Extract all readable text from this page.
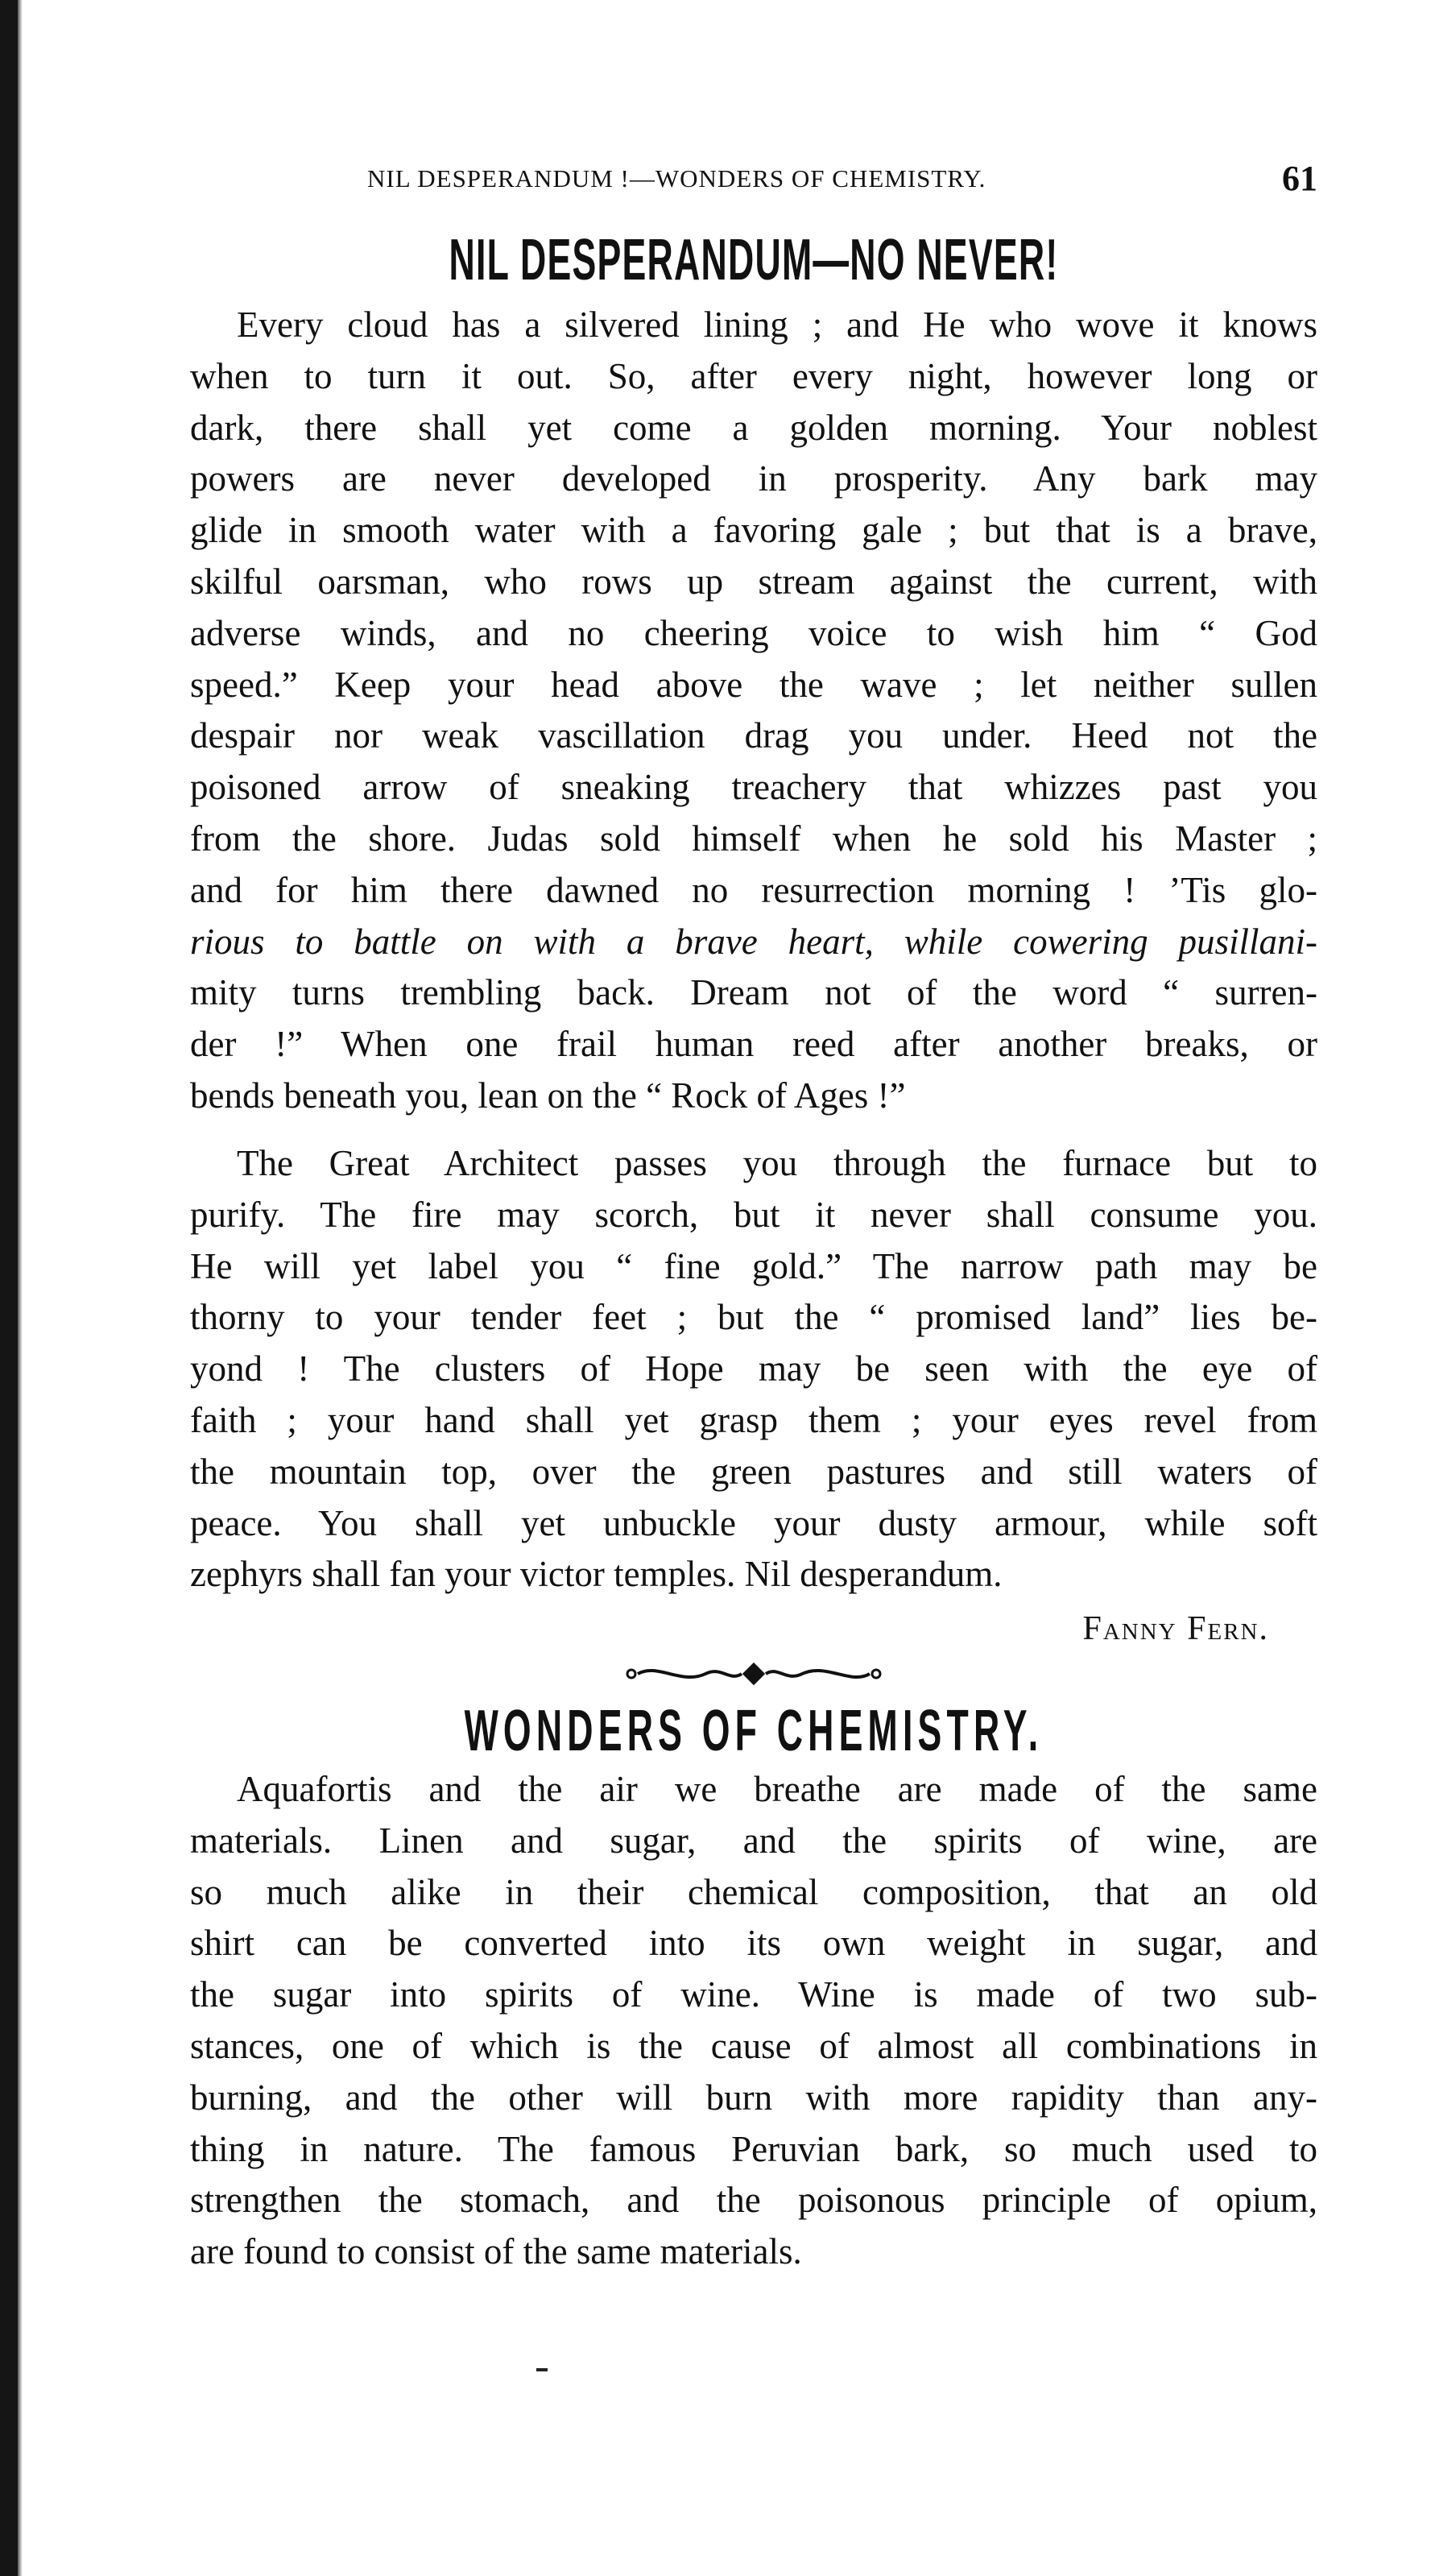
NIL DESPERANDUM !—WONDERS OF CHEMISTRY.	61
NIL DESPERANDUM—NO NEVER!
Every cloud has a silvered lining ; and He who wove it knows
when to turn it out. So, after every night, however long or
dark, there shall yet come a golden morning. Your noblest
powers are never developed in prosperity. Any bark may
glide in smooth water with a favoring gale ; but that is a brave,
skilful oarsman, who rows up stream against the current, with
adverse winds, and no cheering voice to wish him “ God
speed.” Keep your head above the wave ; let neither sullen
despair nor weak vascillation drag you under. Heed not the
poisoned arrow of sneaking treachery that whizzes past you
from the shore. Judas sold himself when he sold his Master ;
and for him there dawned no resurrection morning ! ’Tis glo-
rious to battle on with a brave heart, while cowering pusillani-
mity turns trembling back. Dream not of the word “ surren-
der !” When one frail human reed after another breaks, or
bends beneath you, lean on the “ Rock of Ages !”
The Great Architect passes you through the furnace but to
purify. The fire may scorch, but it never shall consume you.
He will yet label you “ fine gold.” The narrow path may be
thorny to your tender feet ; but the “ promised land” lies be-
yond ! The clusters of Hope may be seen with the eye of
faith ; your hand shall yet grasp them ; your eyes revel from
the mountain top, over the green pastures and still waters of
peace. You shall yet unbuckle your dusty armour, while soft
zephyrs shall fan your victor temples. Nil desperandum.
Fanny Fern.
WONDERS OF CHEMISTRY.
Aquafortis and the air we breathe are made of the same
materials. Linen and sugar, and the spirits of wine, are
so much alike in their chemical composition, that an old
shirt can be converted into its own weight in sugar, and
the sugar into spirits of wine. Wine is made of two sub-
stances, one of which is the cause of almost all combinations in
burning, and the other will burn with more rapidity than any-
thing in nature. The famous Peruvian bark, so much used to
strengthen the stomach, and the poisonous principle of opium,
are found to consist of the same materials.
